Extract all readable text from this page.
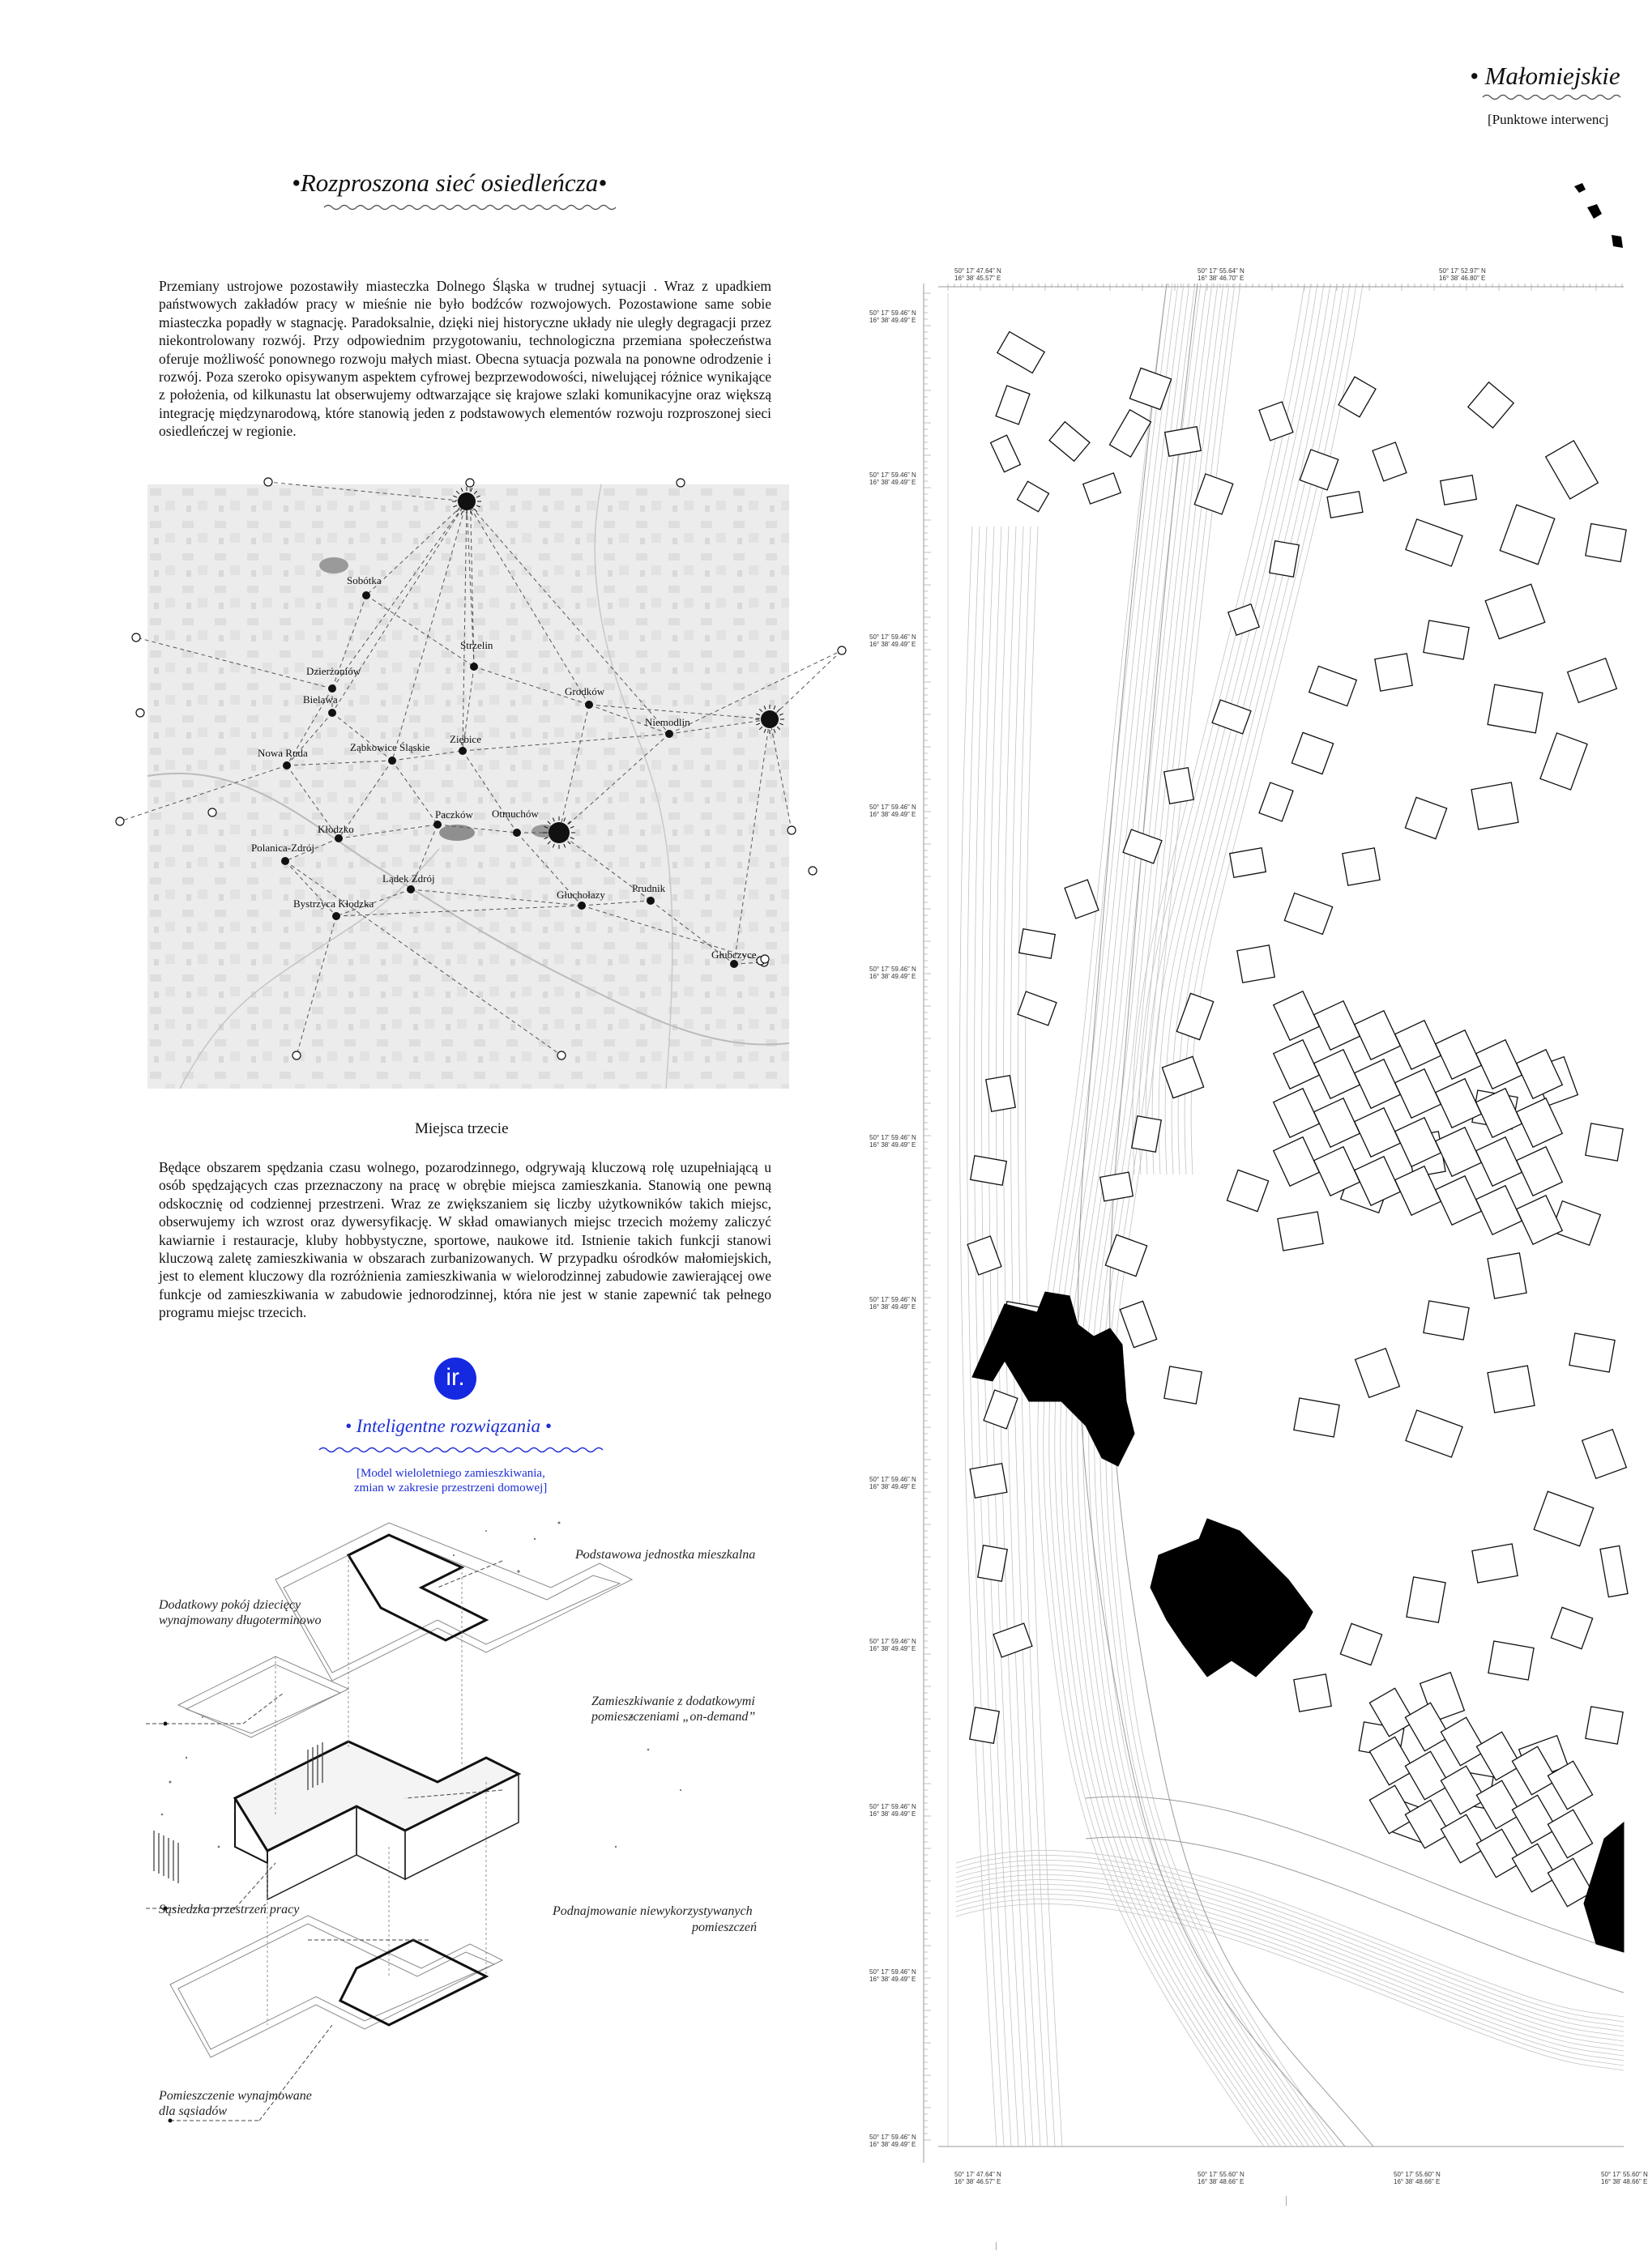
•Rozproszona sieć osiedleńcza•
Przemiany ustrojowe pozostawiły miasteczka Dolnego Śląska w trudnej sytuacji . Wraz z upadkiem państwowych zakładów pracy w mieśnie nie było bodźców rozwojowych. Pozostawione same sobie miasteczka popadły w stagnację. Paradoksalnie, dzięki niej historyczne układy nie uległy degragacji przez niekontrolowany rozwój. Przy odpowiednim przygotowaniu, technologiczna przemiana społeczeństwa oferuje możliwość ponownego rozwoju małych miast. Obecna sytuacja pozwala na ponowne odrodzenie i rozwój. Poza szeroko opisywanym aspektem cyfrowej bezprzewodowości, niwelującej różnice wynikające z położenia, od kilkunastu lat obserwujemy odtwarzające się krajowe szlaki komunikacyjne oraz większą integrację międzynarodową, które stanowią jeden z podstawowych elementów rozwoju rozproszonej sieci osiedleńczej w regionie.
Sobótka
Strzelin
Dzierżoniów
Bielawa
Grodków
Niemodlin
Nowa Ruda	Ząbkowice Śląskie
Ziębice
Kłodzko
Paczków Otmuchów
Polanica-Zdrój
Lądek Zdrój
Bystrzyca Kłodzka
Głuchołazy
Prudnik
Głubczyce
Miejsca trzecie
Będące obszarem spędzania czasu wolnego, pozarodzinnego, odgrywają kluczową rolę uzupełniającą u osób spędzających czas przeznaczony na pracę w obrębie miejsca zamieszkania. Stanowią one pewną odskocznię od codziennej przestrzeni. Wraz ze zwiększaniem się liczby użytkowników takich miejsc, obserwujemy ich wzrost oraz dywersyfikację. W skład omawianych miejsc trzecich możemy zaliczyć kawiarnie i restauracje, kluby hobbystyczne, sportowe, naukowe itd. Istnienie takich funkcji stanowi kluczową zaletę zamieszkiwania w obszarach zurbanizowanych. W przypadku ośrodków małomiejskich, jest to element kluczowy dla rozróżnienia zamieszkiwania w wielorodzinnej zabudowie zawierającej owe funkcje od zamieszkiwania w zabudowie jednorodzinnej, która nie jest w stanie zapewnić tak pełnego programu miejsc trzecich.
ir.
• Inteligentne rozwiązania •
[Model wieloletniego zamieszkiwania,
zmian w zakresie przestrzeni domowej]
Podstawowa jednostka mieszkalna
Dodatkowy pokój dziecięcy
wynajmowany długoterminowo
Zamieszkiwanie z dodatkowymi
pomieszczeniami „on-demand”
Sąsiedzka przestrzeń pracy	Podnajmowanie niewykorzystywanych
pomieszczeń
Pomieszczenie wynajmowane
dla sąsiadów
• Małomiejskie
[Punktowe interwencj
50° 17' 47.64" N
16° 38' 45.57" E
50° 17' 55.64" N
16° 38' 46.70" E
50° 17' 52.97" N
16° 38' 46.80" E
50° 17' 59.46" N
16° 38' 49.49" E
50° 17' 59.46" N
16° 38' 49.49" E
50° 17' 59.46" N
16° 38' 49.49" E
50° 17' 59.46" N
16° 38' 49.49" E
50° 17' 59.46" N
16° 38' 49.49" E
50° 17' 59.46" N
16° 38' 49.49" E
50° 17' 59.46" N
16° 38' 49.49" E
50° 17' 59.46" N
16° 38' 49.49" E
50° 17' 59.46" N
16° 38' 49.49" E
50° 17' 59.46" N
16° 38' 49.49" E
50° 17' 59.46" N
16° 38' 49.49" E
50° 17' 59.46" N
16° 38' 49.49" E
50° 17' 47.64" N
16° 38' 46.57" E
50° 17' 55.60" N
16° 38' 48.66" E
50° 17' 55.60" N
16° 38' 48.66" E
50° 17' 55.60" N
16° 38' 48.66" E
